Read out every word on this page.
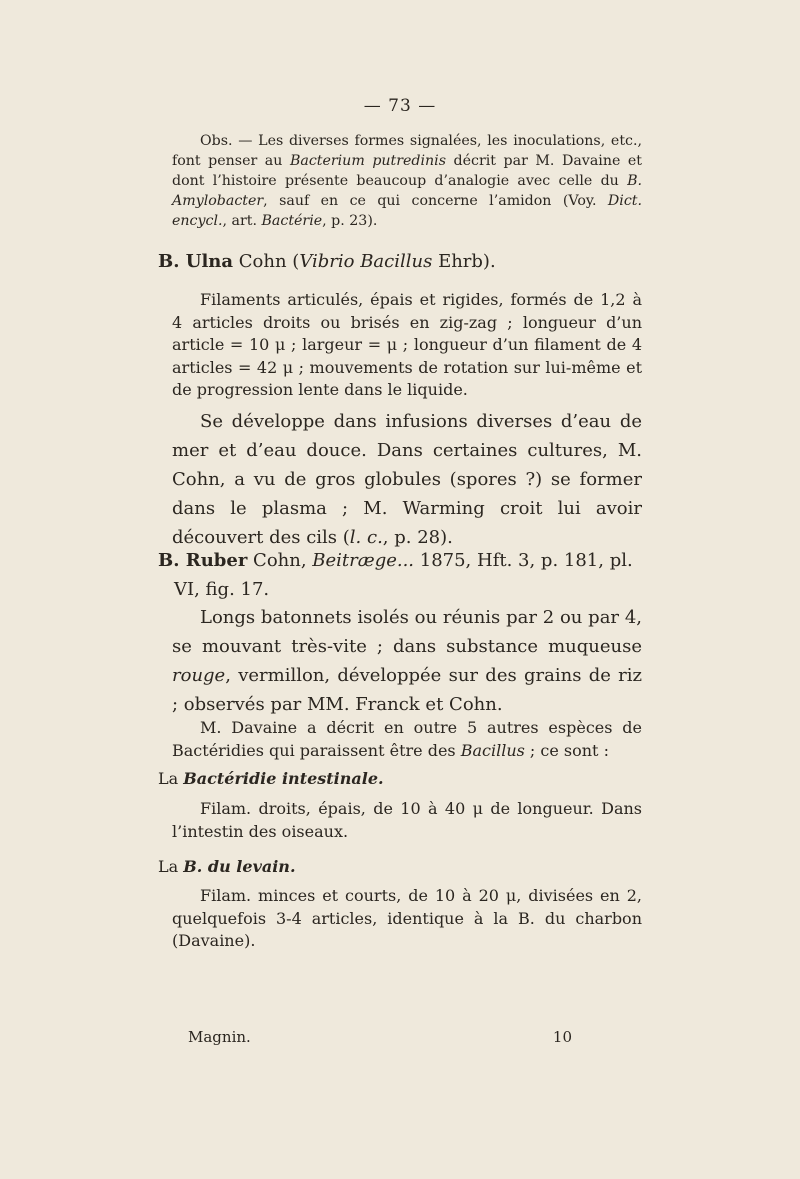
— 73 —

Obs. — Les diverses formes signalées, les inoculations, etc., font penser au Bacterium putredinis décrit par M. Davaine et dont l’histoire présente beaucoup d’analogie avec celle du B. Amylobacter, sauf en ce qui concerne l’amidon (Voy. Dict. encycl., art. Bactérie, p. 23).

B. Ulna Cohn (Vibrio Bacillus Ehrb).

Filaments articulés, épais et rigides, formés de 1,2 à 4 articles droits ou brisés en zig-zag ; longueur d’un article = 10 μ ; largeur = μ ; longueur d’un filament de 4 articles = 42 μ ; mouvements de rotation sur lui-même et de progression lente dans le liquide.

Se développe dans infusions diverses d’eau de mer et d’eau douce. Dans certaines cultures, M. Cohn, a vu de gros globules (spores ?) se former dans le plasma ; M. Warming croit lui avoir découvert des cils (l. c., p. 28).

B. Ruber Cohn, Beitræge... 1875, Hft. 3, p. 181, pl. VI, fig. 17.

Longs batonnets isolés ou réunis par 2 ou par 4, se mouvant très-vite ; dans substance muqueuse rouge, vermillon, développée sur des grains de riz ; observés par MM. Franck et Cohn.

M. Davaine a décrit en outre 5 autres espèces de Bactéridies qui paraissent être des Bacillus ; ce sont :

La Bactéridie intestinale.

Filam. droits, épais, de 10 à 40 μ de longueur. Dans l’intestin des oiseaux.

La B. du levain.

Filam. minces et courts, de 10 à 20 μ, divisées en 2, quelquefois 3-4 articles, identique à la B. du charbon (Davaine).

Magnin.	10
